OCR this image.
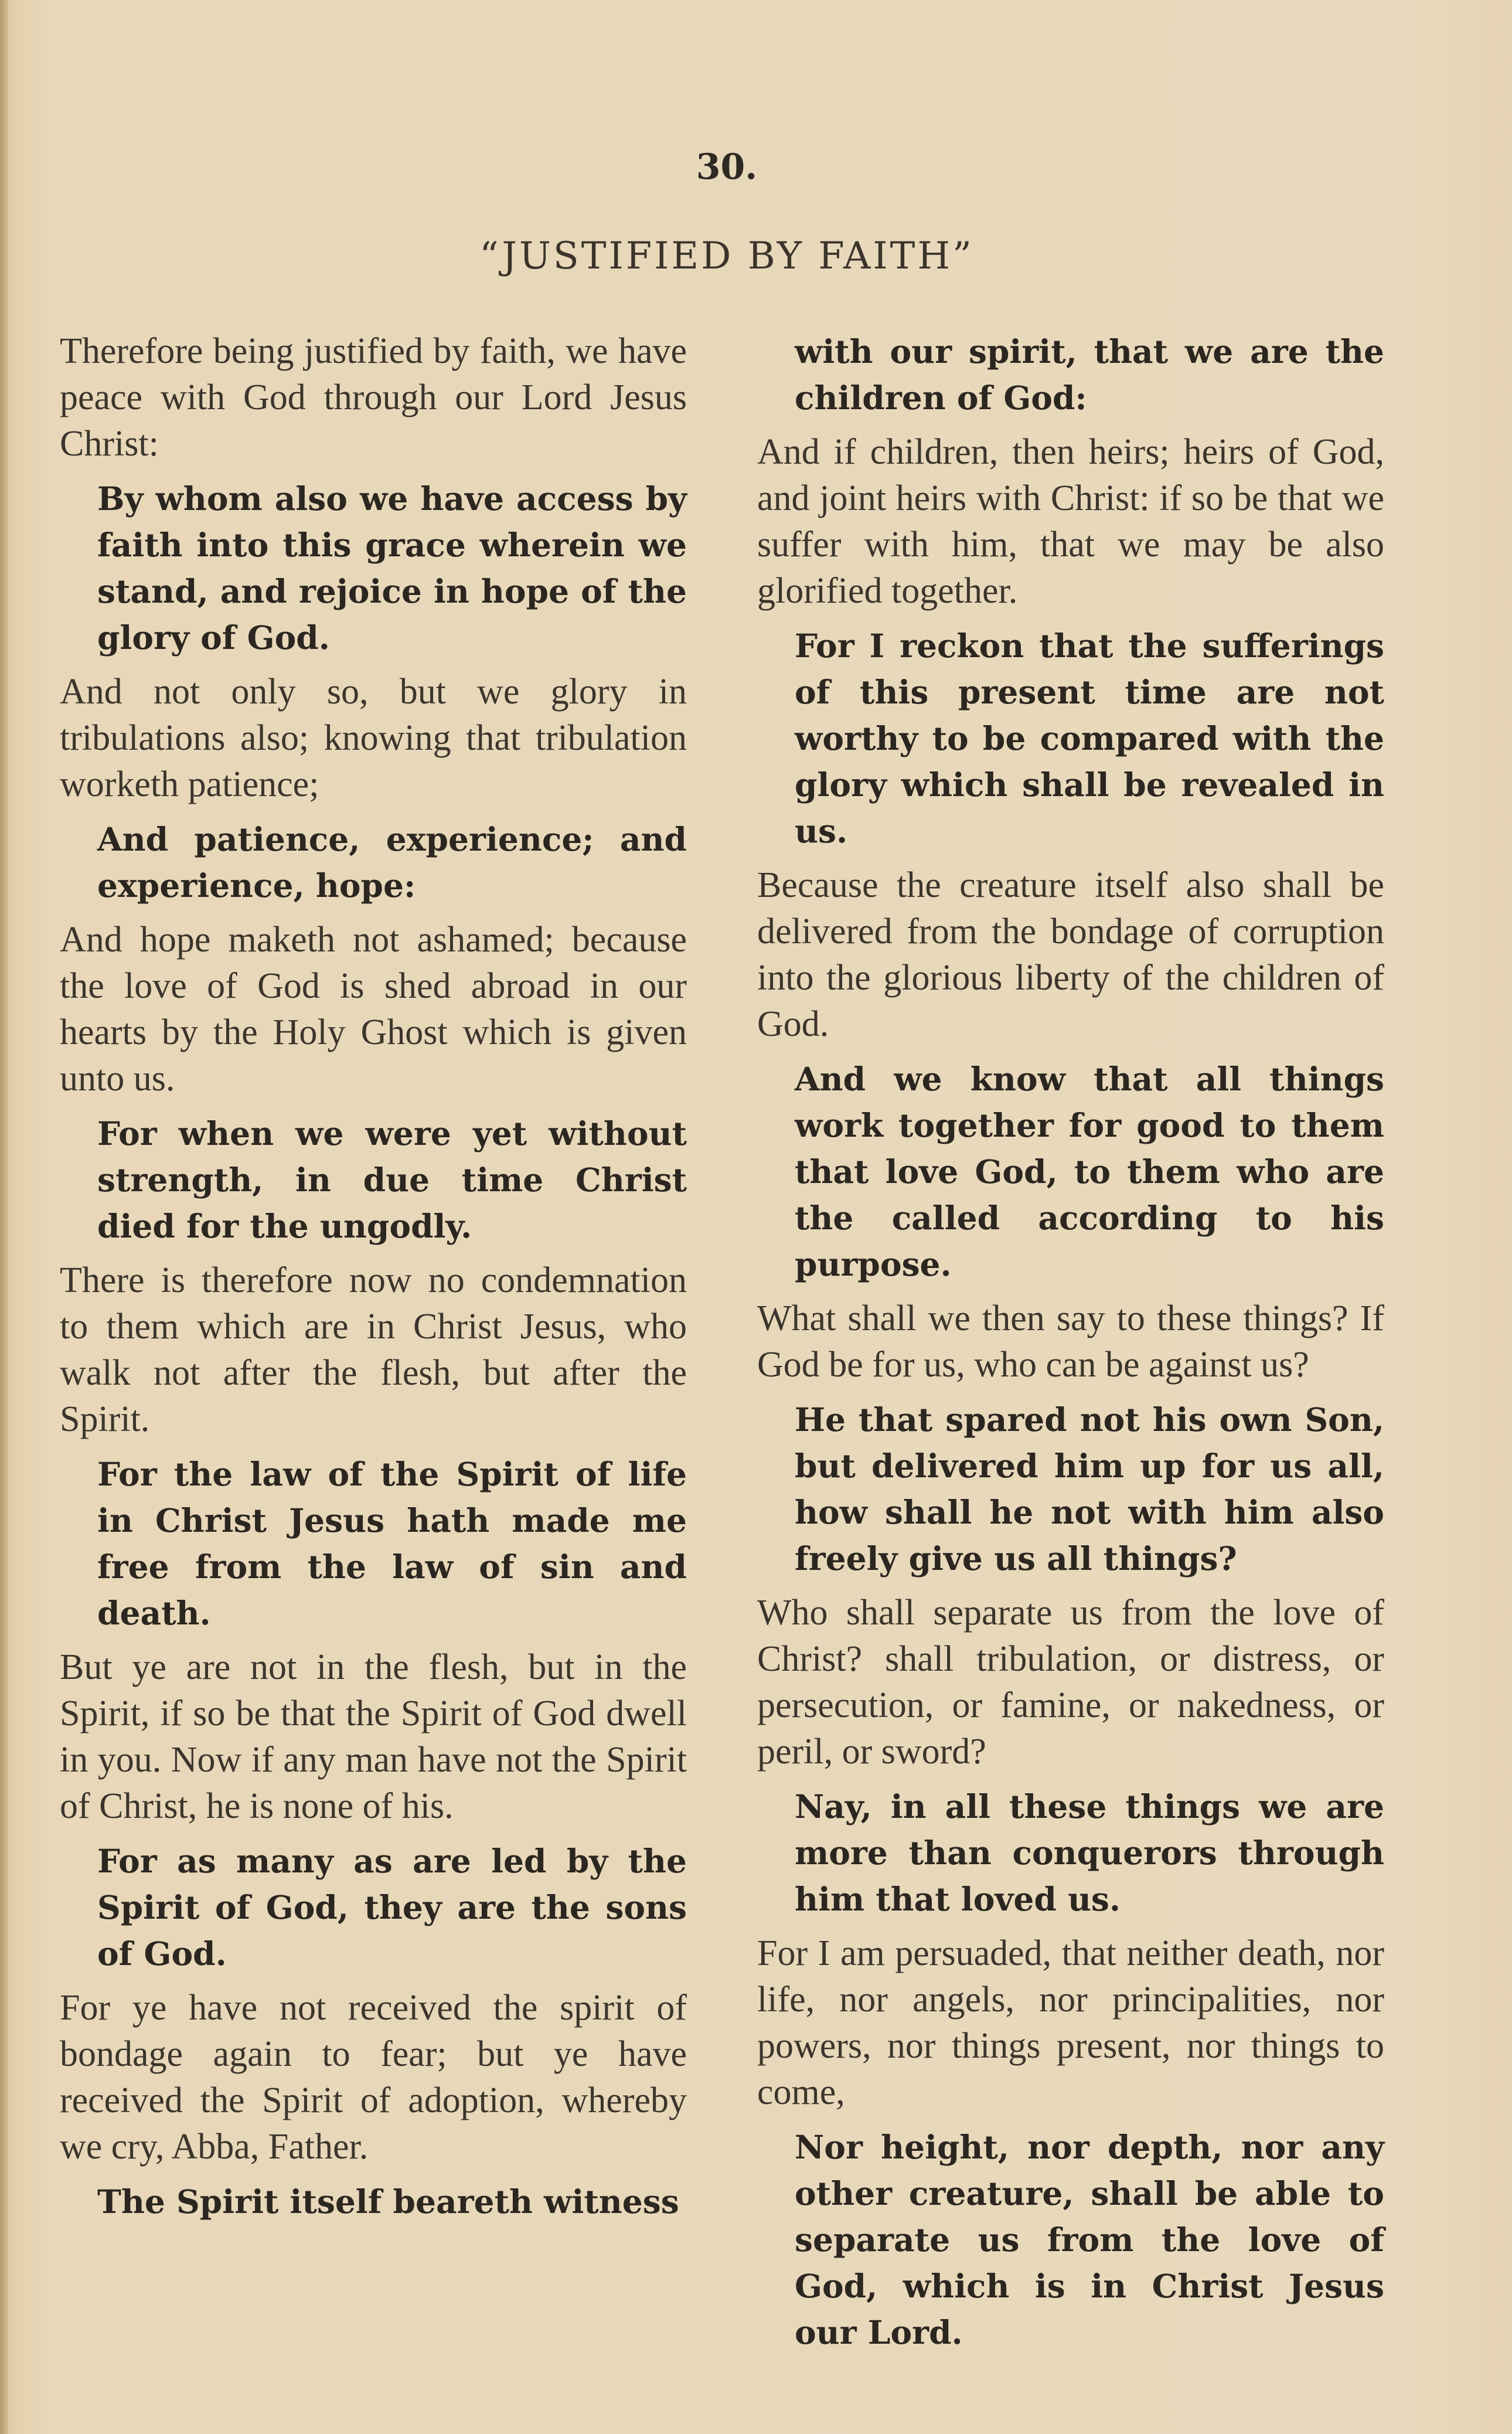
30.
“JUSTIFIED BY FAITH”

Therefore being justified by faith, we have peace with God through our Lord Jesus Christ:

By whom also we have access by faith into this grace wherein we stand, and rejoice in hope of the glory of God.

And not only so, but we glory in tribulations also; knowing that tribulation worketh patience;

And patience, experience; and experience, hope:

And hope maketh not ashamed; because the love of God is shed abroad in our hearts by the Holy Ghost which is given unto us.

For when we were yet without strength, in due time Christ died for the ungodly.

There is therefore now no condemnation to them which are in Christ Jesus, who walk not after the flesh, but after the Spirit.

For the law of the Spirit of life in Christ Jesus hath made me free from the law of sin and death.

But ye are not in the flesh, but in the Spirit, if so be that the Spirit of God dwell in you. Now if any man have not the Spirit of Christ, he is none of his.

For as many as are led by the Spirit of God, they are the sons of God.

For ye have not received the spirit of bondage again to fear; but ye have received the Spirit of adoption, whereby we cry, Abba, Father.

The Spirit itself beareth witness

with our spirit, that we are the children of God:

And if children, then heirs; heirs of God, and joint heirs with Christ: if so be that we suffer with him, that we may be also glorified together.

For I reckon that the sufferings of this present time are not worthy to be compared with the glory which shall be revealed in us.

Because the creature itself also shall be delivered from the bondage of corruption into the glorious liberty of the children of God.

And we know that all things work together for good to them that love God, to them who are the called according to his purpose.

What shall we then say to these things? If God be for us, who can be against us?

He that spared not his own Son, but delivered him up for us all, how shall he not with him also freely give us all things?

Who shall separate us from the love of Christ? shall tribulation, or distress, or persecution, or famine, or nakedness, or peril, or sword?

Nay, in all these things we are more than conquerors through him that loved us.

For I am persuaded, that neither death, nor life, nor angels, nor principalities, nor powers, nor things present, nor things to come,

Nor height, nor depth, nor any other creature, shall be able to separate us from the love of God, which is in Christ Jesus our Lord.
